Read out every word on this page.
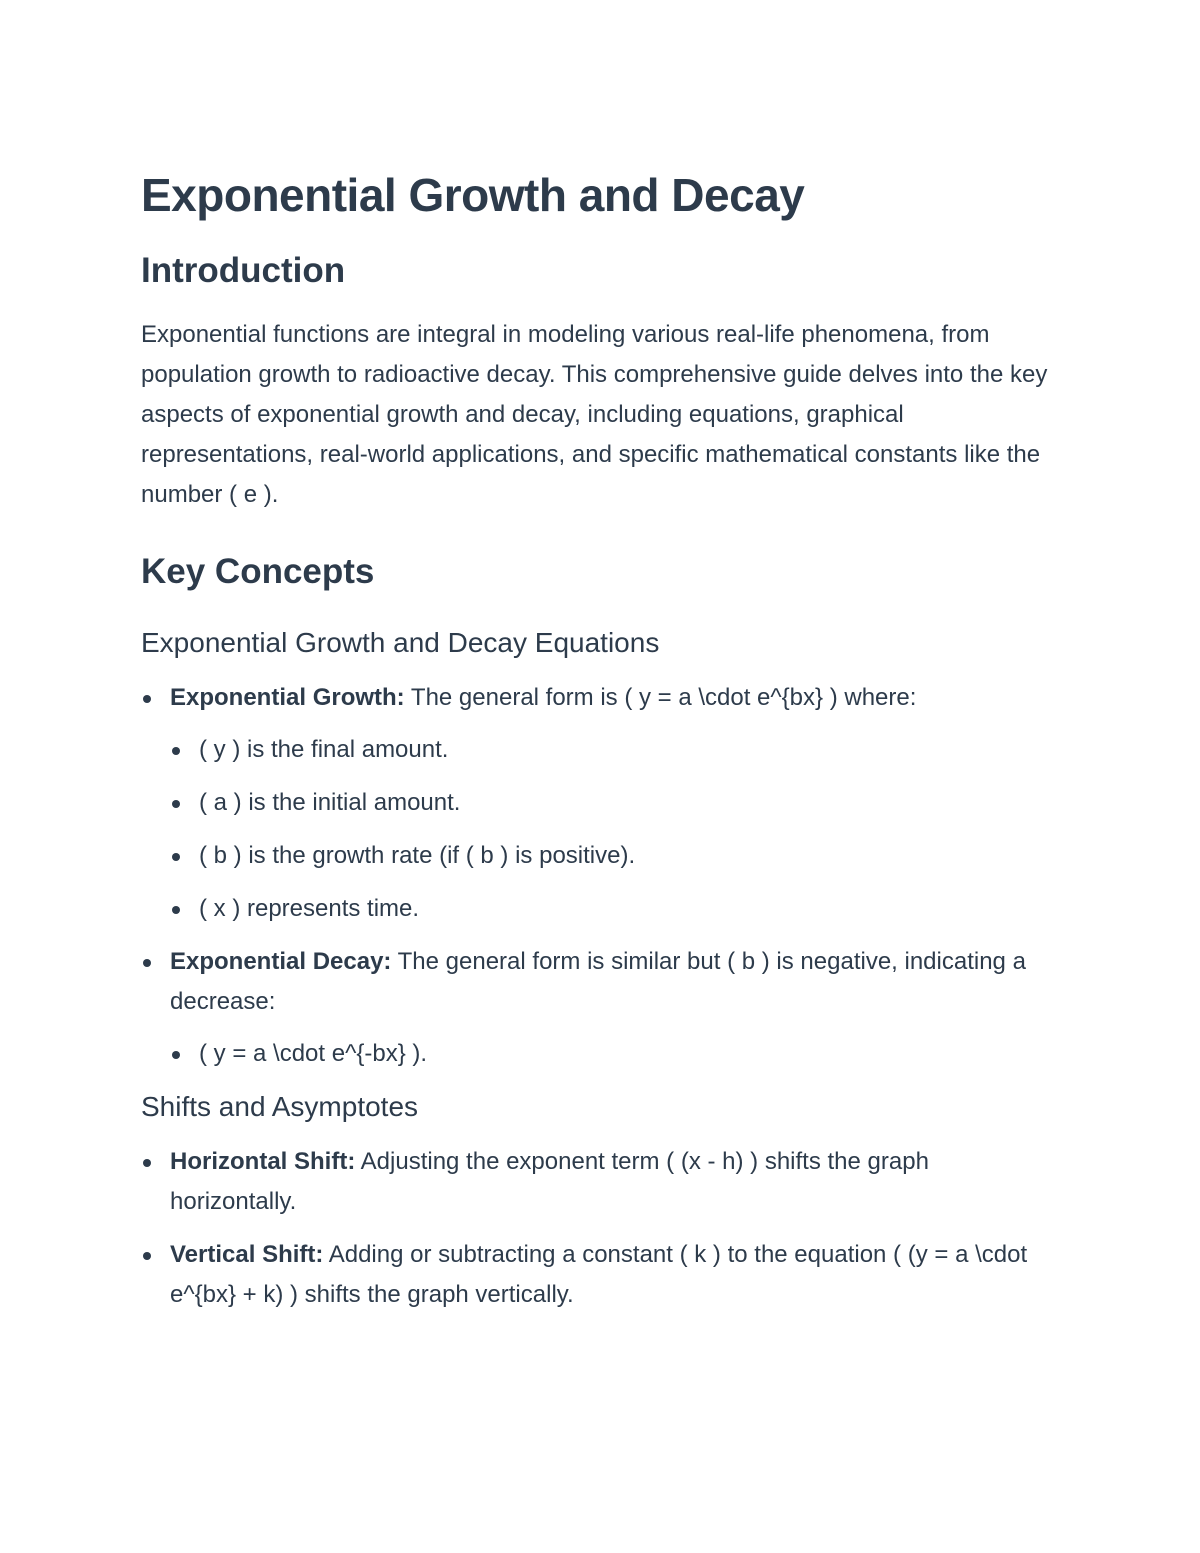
Exponential Growth and Decay
Introduction

Exponential functions are integral in modeling various real-life phenomena, from population growth to radioactive decay. This comprehensive guide delves into the key aspects of exponential growth and decay, including equations, graphical representations, real-world applications, and specific mathematical constants like the number ( e ).

Key Concepts
Exponential Growth and Decay Equations
Exponential Growth: The general form is ( y = a \cdot e^{bx} ) where:
( y ) is the final amount.
( a ) is the initial amount.
( b ) is the growth rate (if ( b ) is positive).
( x ) represents time.
Exponential Decay: The general form is similar but ( b ) is negative, indicating a decrease:
( y = a \cdot e^{-bx} ).
Shifts and Asymptotes
Horizontal Shift: Adjusting the exponent term ( (x - h) ) shifts the graph horizontally.
Vertical Shift: Adding or subtracting a constant ( k ) to the equation ( (y = a \cdot e^{bx} + k) ) shifts the graph vertically.
